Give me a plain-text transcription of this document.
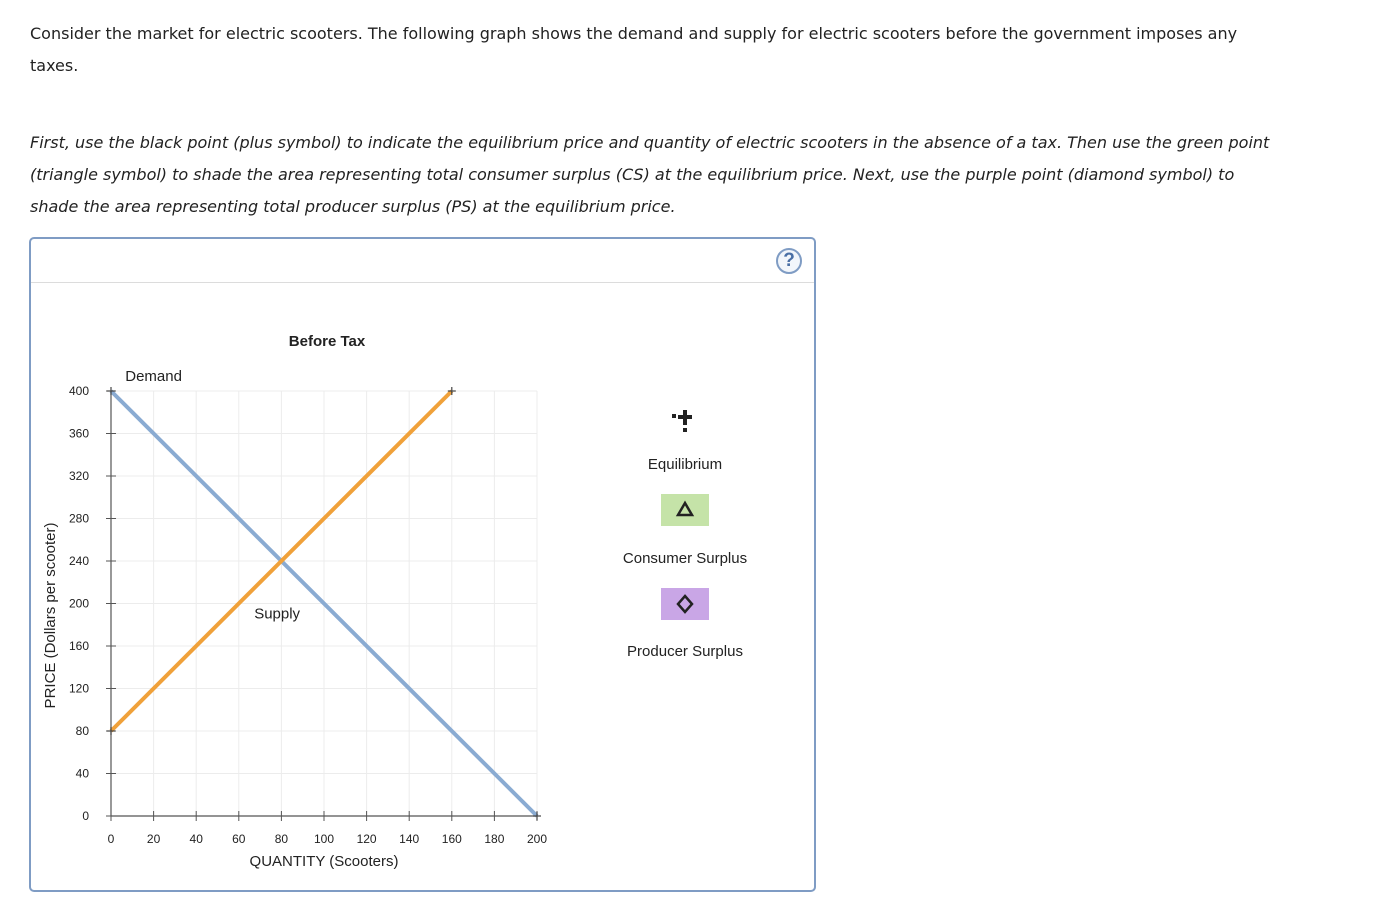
Consider the market for electric scooters. The following graph shows the demand and supply for electric scooters before the government imposes any taxes.

First, use the black point (plus symbol) to indicate the equilibrium price and quantity of electric scooters in the absence of a tax. Then use the green point (triangle symbol) to shade the area representing total consumer surplus (CS) at the equilibrium price. Next, use the purple point (diamond symbol) to shade the area representing total producer surplus (PS) at the equilibrium price.

?
0	20 40 60 80 100 120 140 160 180 200
0
40
80
120
160
200
240
280
320
360
400
Demand
Supply
Before Tax
QUANTITY (Scooters)
PRICE (Dollars per scooter)
Equilibrium
Consumer Surplus
Producer Surplus
